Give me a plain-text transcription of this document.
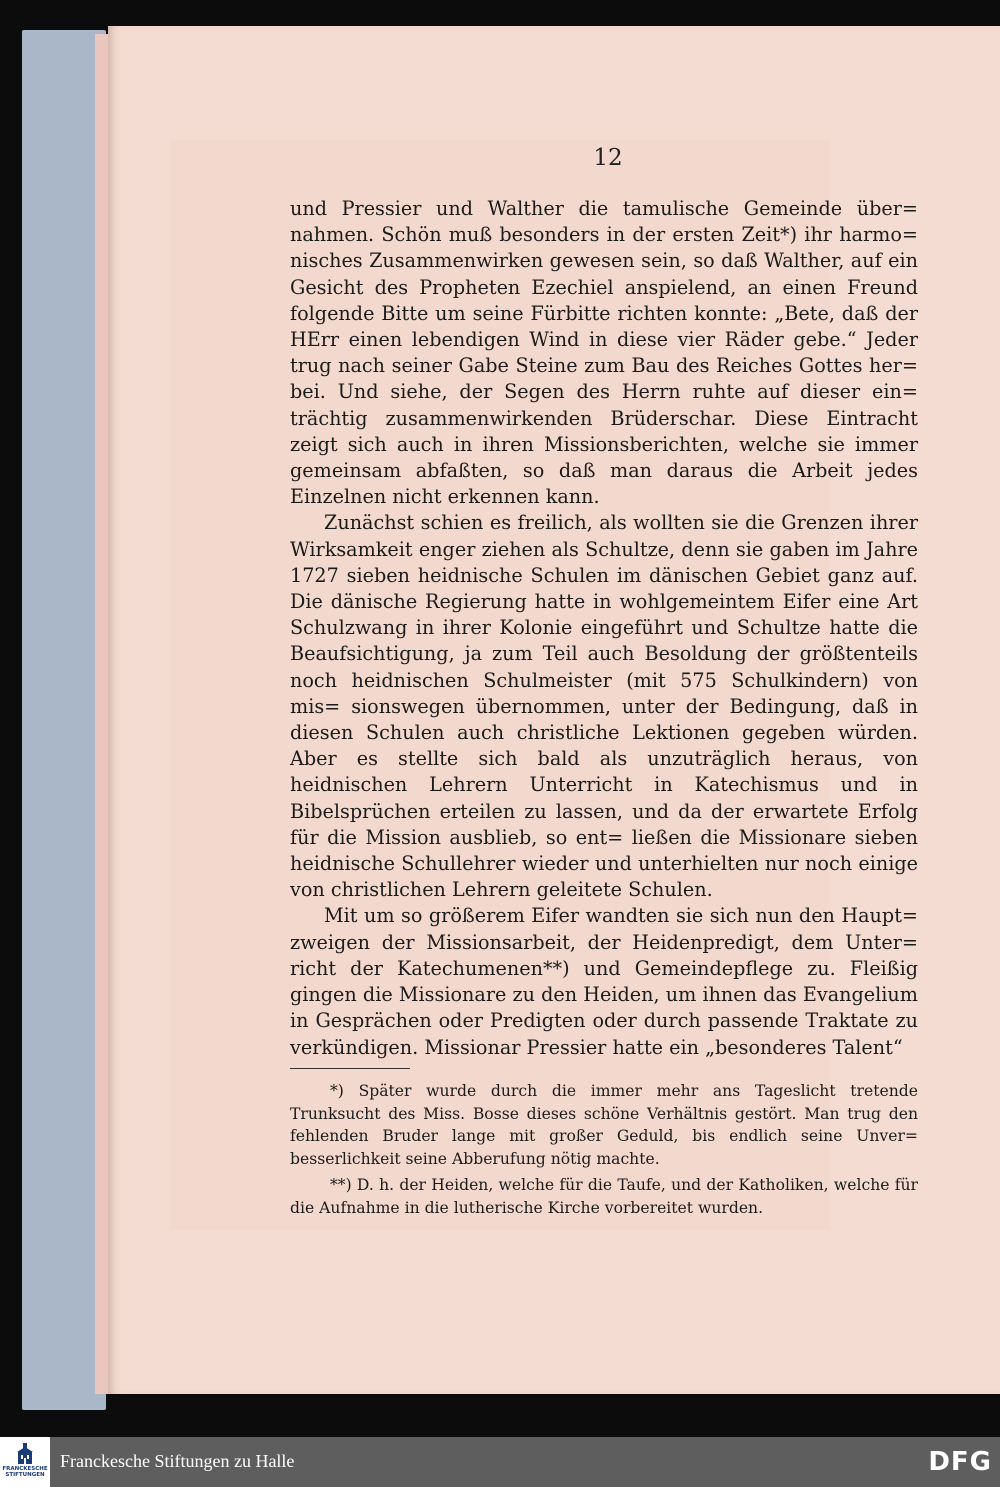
12

und Pressier und Walther die tamulische Gemeinde über= nahmen. Schön muß besonders in der ersten Zeit*) ihr harmo= nisches Zusammenwirken gewesen sein, so daß Walther, auf ein Gesicht des Propheten Ezechiel anspielend, an einen Freund folgende Bitte um seine Fürbitte richten konnte: „Bete, daß der HErr einen lebendigen Wind in diese vier Räder gebe.“ Jeder trug nach seiner Gabe Steine zum Bau des Reiches Gottes her= bei. Und siehe, der Segen des Herrn ruhte auf dieser ein= trächtig zusammenwirkenden Brüderschar. Diese Eintracht zeigt sich auch in ihren Missionsberichten, welche sie immer gemeinsam abfaßten, so daß man daraus die Arbeit jedes Einzelnen nicht erkennen kann.

Zunächst schien es freilich, als wollten sie die Grenzen ihrer Wirksamkeit enger ziehen als Schultze, denn sie gaben im Jahre 1727 sieben heidnische Schulen im dänischen Gebiet ganz auf. Die dänische Regierung hatte in wohlgemeintem Eifer eine Art Schulzwang in ihrer Kolonie eingeführt und Schultze hatte die Beaufsichtigung, ja zum Teil auch Besoldung der größtenteils noch heidnischen Schulmeister (mit 575 Schulkindern) von mis= sionswegen übernommen, unter der Bedingung, daß in diesen Schulen auch christliche Lektionen gegeben würden. Aber es stellte sich bald als unzuträglich heraus, von heidnischen Lehrern Unterricht in Katechismus und in Bibelsprüchen erteilen zu lassen, und da der erwartete Erfolg für die Mission ausblieb, so ent= ließen die Missionare sieben heidnische Schullehrer wieder und unterhielten nur noch einige von christlichen Lehrern geleitete Schulen.

Mit um so größerem Eifer wandten sie sich nun den Haupt= zweigen der Missionsarbeit, der Heidenpredigt, dem Unter= richt der Katechumenen**) und Gemeindepflege zu. Fleißig gingen die Missionare zu den Heiden, um ihnen das Evangelium in Gesprächen oder Predigten oder durch passende Traktate zu verkündigen. Missionar Pressier hatte ein „besonderes Talent“

*) Später wurde durch die immer mehr ans Tageslicht tretende Trunksucht des Miss. Bosse dieses schöne Verhältnis gestört. Man trug den fehlenden Bruder lange mit großer Geduld, bis endlich seine Unver= besserlichkeit seine Abberufung nötig machte.

**) D. h. der Heiden, welche für die Taufe, und der Katholiken, welche für die Aufnahme in die lutherische Kirche vorbereitet wurden.

FRANCKESCHE STIFTUNGEN
Franckesche Stiftungen zu Halle	DFG
